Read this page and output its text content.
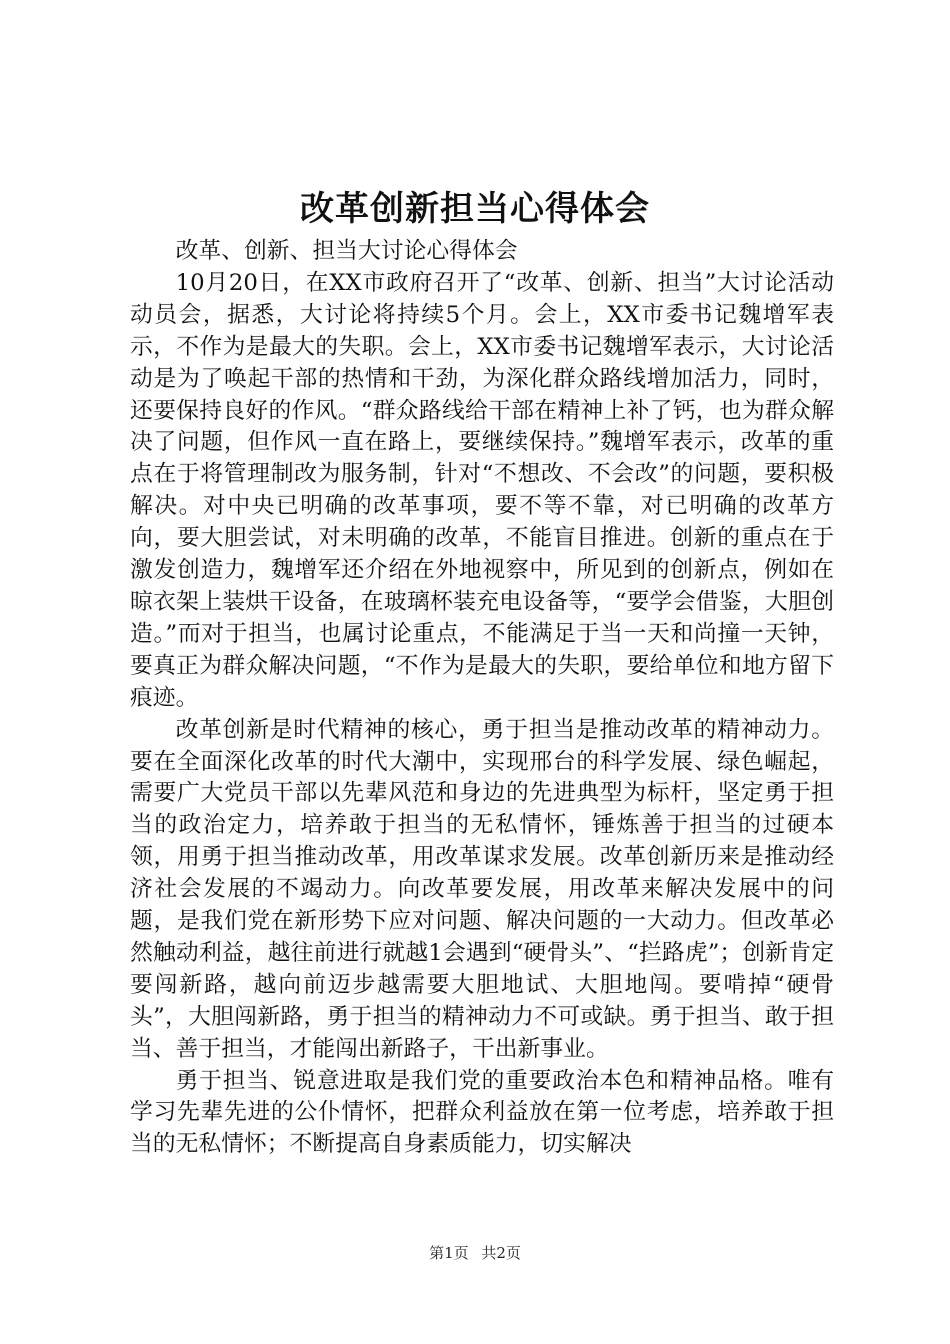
改革创新担当心得体会

改革、创新、担当大讨论心得体会

10月20日，在XX市政府召开了“改革、创新、担当”大讨论活动动员会，据悉，大讨论将持续5个月。会上，XX市委书记魏增军表示，不作为是最大的失职。会上，XX市委书记魏增军表示，大讨论活动是为了唤起干部的热情和干劲，为深化群众路线增加活力，同时，还要保持良好的作风。“群众路线给干部在精神上补了钙，也为群众解决了问题，但作风一直在路上，要继续保持。”魏增军表示，改革的重点在于将管理制改为服务制，针对“不想改、不会改”的问题，要积极解决。对中央已明确的改革事项，要不等不靠，对已明确的改革方向，要大胆尝试，对未明确的改革，不能盲目推进。创新的重点在于激发创造力，魏增军还介绍在外地视察中，所见到的创新点，例如在晾衣架上装烘干设备，在玻璃杯装充电设备等，“要学会借鉴，大胆创造。”而对于担当，也属讨论重点，不能满足于当一天和尚撞一天钟，要真正为群众解决问题，“不作为是最大的失职，要给单位和地方留下痕迹。

改革创新是时代精神的核心，勇于担当是推动改革的精神动力。要在全面深化改革的时代大潮中，实现邢台的科学发展、绿色崛起，需要广大党员干部以先辈风范和身边的先进典型为标杆，坚定勇于担当的政治定力，培养敢于担当的无私情怀，锤炼善于担当的过硬本领，用勇于担当推动改革，用改革谋求发展。改革创新历来是推动经济社会发展的不竭动力。向改革要发展，用改革来解决发展中的问题，是我们党在新形势下应对问题、解决问题的一大动力。但改革必然触动利益，越往前进行就越1会遇到“硬骨头”、“拦路虎”；创新肯定要闯新路，越向前迈步越需要大胆地试、大胆地闯。要啃掉“硬骨头”，大胆闯新路，勇于担当的精神动力不可或缺。勇于担当、敢于担当、善于担当，才能闯出新路子，干出新事业。

勇于担当、锐意进取是我们党的重要政治本色和精神品格。唯有学习先辈先进的公仆情怀，把群众利益放在第一位考虑，培养敢于担当的无私情怀；不断提高自身素质能力，切实解决

第1页 共2页
